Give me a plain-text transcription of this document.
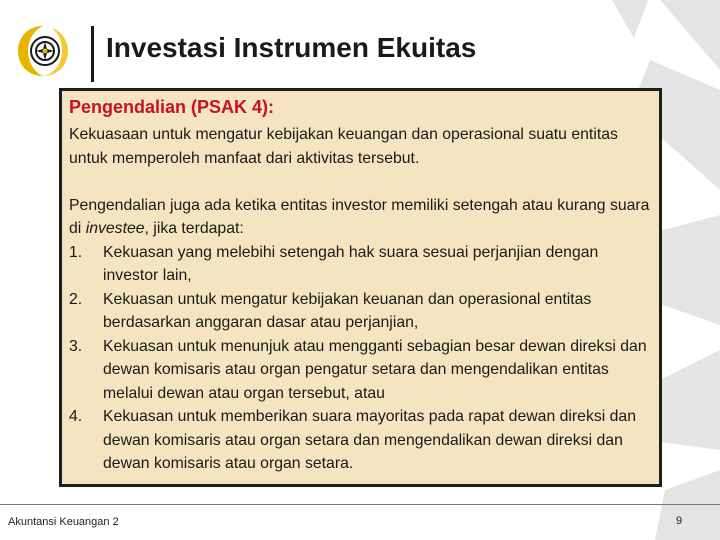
Investasi Instrumen Ekuitas
Pengendalian (PSAK 4):
Kekuasaan untuk mengatur kebijakan keuangan dan operasional suatu entitas untuk memperoleh manfaat dari aktivitas tersebut.
Pengendalian juga ada ketika entitas investor memiliki setengah atau kurang suara di investee, jika terdapat:
1.	Kekuasan yang melebihi setengah hak suara sesuai perjanjian dengan investor lain,
2.	Kekuasan untuk mengatur kebijakan keuanan dan operasional entitas berdasarkan anggaran dasar atau perjanjian,
3.	Kekuasan untuk menunjuk atau mengganti sebagian besar dewan direksi dan dewan komisaris atau organ pengatur setara dan mengendalikan entitas melalui dewan atau organ tersebut, atau
4.	Kekuasan untuk memberikan suara mayoritas pada rapat dewan direksi dan dewan komisaris atau organ setara dan mengendalikan dewan direksi dan dewan komisaris atau organ setara.
Akuntansi Keuangan 2	9
